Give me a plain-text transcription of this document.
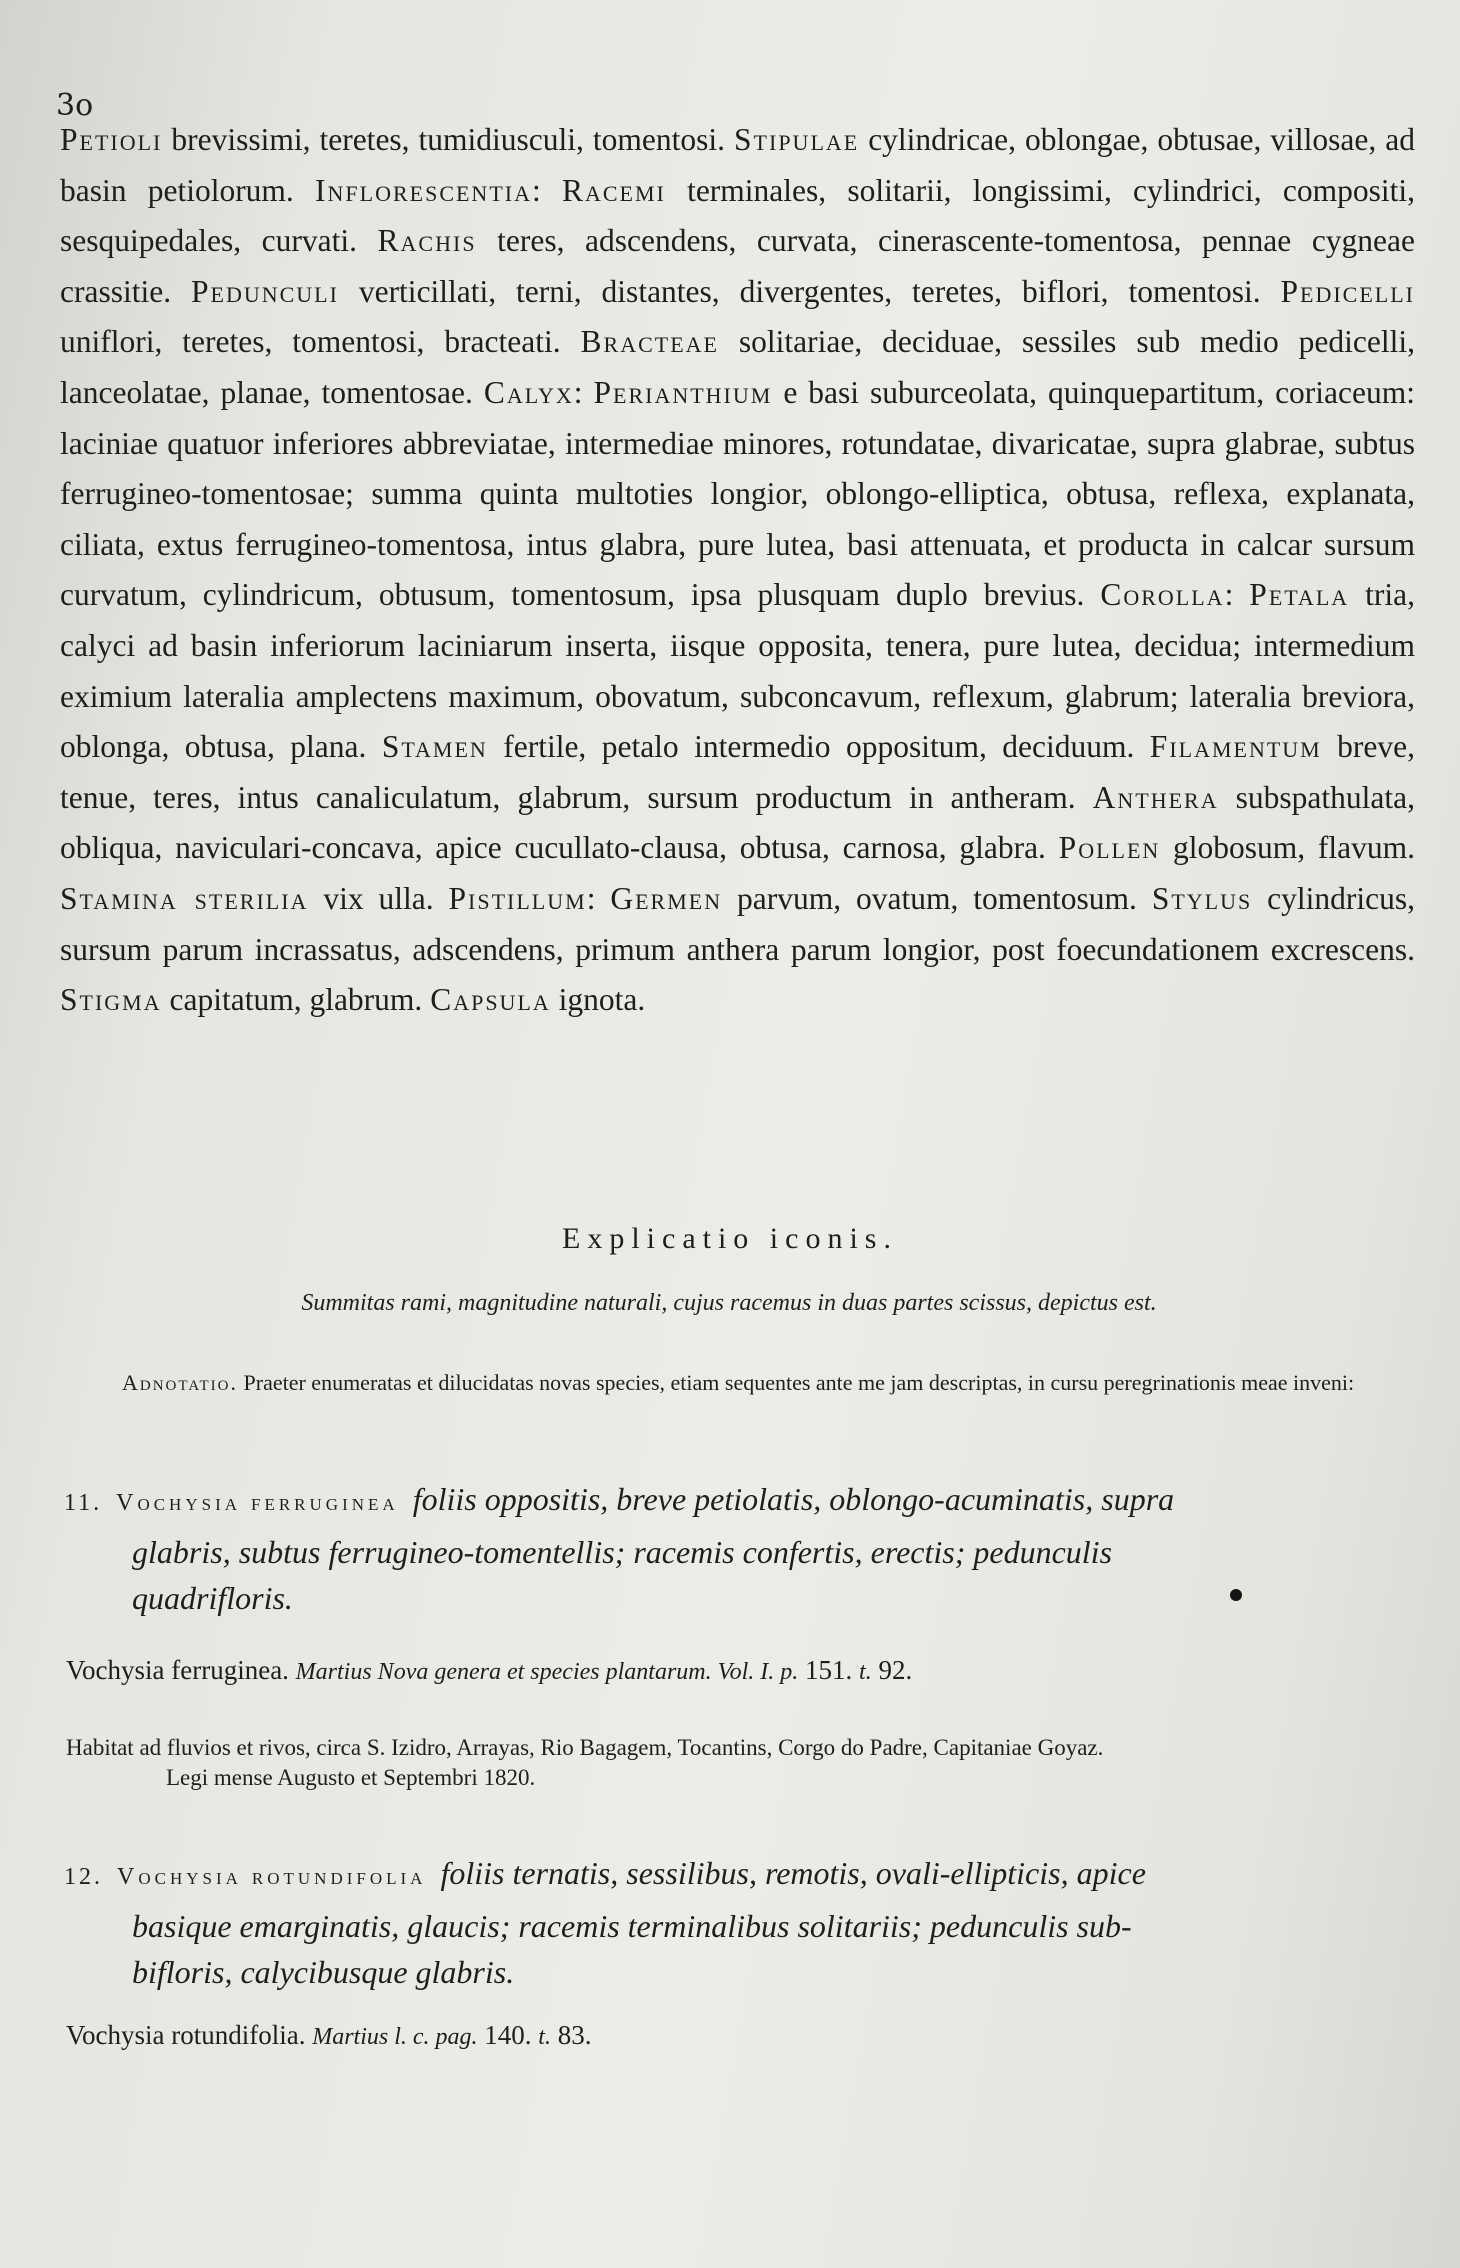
3o
Petioli brevissimi, teretes, tumidiusculi, tomentosi. Stipulae cylindricae, oblongae, obtusae, villosae, ad basin petiolorum. Inflorescentia: Racemi terminales, solitarii, longissimi, cylindrici, compositi, sesquipedales, curvati. Rachis teres, adscendens, curvata, cinerascente-tomentosa, pennae cygneae crassitie. Pedunculi verticillati, terni, distantes, divergentes, teretes, biflori, tomentosi. Pedicelli uniflori, teretes, tomentosi, bracteati. Bracteae solitariae, deciduae, sessiles sub medio pedicelli, lanceolatae, planae, tomentosae. Calyx: Perianthium e basi suburceolata, quinquepartitum, coriaceum: laciniae quatuor inferiores abbreviatae, intermediae minores, rotundatae, divaricatae, supra glabrae, subtus ferrugineo-tomentosae; summa quinta multoties longior, oblongo-elliptica, obtusa, reflexa, explanata, ciliata, extus ferrugineo-tomentosa, intus glabra, pure lutea, basi attenuata, et producta in calcar sursum curvatum, cylindricum, obtusum, tomentosum, ipsa plusquam duplo brevius. Corolla: Petala tria, calyci ad basin inferiorum laciniarum inserta, iisque opposita, tenera, pure lutea, decidua; intermedium eximium lateralia amplectens maximum, obovatum, subconcavum, reflexum, glabrum; lateralia breviora, oblonga, obtusa, plana. Stamen fertile, petalo intermedio oppositum, deciduum. Filamentum breve, tenue, teres, intus canaliculatum, glabrum, sursum productum in antheram. Anthera subspathulata, obliqua, naviculari-concava, apice cucullato-clausa, obtusa, carnosa, glabra. Pollen globosum, flavum. Stamina sterilia vix ulla. Pistillum: Germen parvum, ovatum, tomentosum. Stylus cylindricus, sursum parum incrassatus, adscendens, primum anthera parum longior, post foecundationem excrescens. Stigma capitatum, glabrum. Capsula ignota.
Explicatio iconis.
Summitas rami, magnitudine naturali, cujus racemus in duas partes scissus, depictus est.
Adnotatio. Praeter enumeratas et dilucidatas novas species, etiam sequentes ante me jam descriptas, in cursu peregrinationis meae inveni:
11. Vochysia ferruginea foliis oppositis, breve petiolatis, oblongo-acuminatis, supra
glabris, subtus ferrugineo-tomentellis; racemis confertis, erectis; pedunculis
quadrifloris.
Vochysia ferruginea. Martius Nova genera et species plantarum. Vol. I. p. 151. t. 92.
Habitat ad fluvios et rivos, circa S. Izidro, Arrayas, Rio Bagagem, Tocantins, Corgo do Padre, Capitaniae Goyaz.
Legi mense Augusto et Septembri 1820.
12. Vochysia rotundifolia foliis ternatis, sessilibus, remotis, ovali-ellipticis, apice
basique emarginatis, glaucis; racemis terminalibus solitariis; pedunculis sub-
bifloris, calycibusque glabris.
Vochysia rotundifolia. Martius l. c. pag. 140. t. 83.
